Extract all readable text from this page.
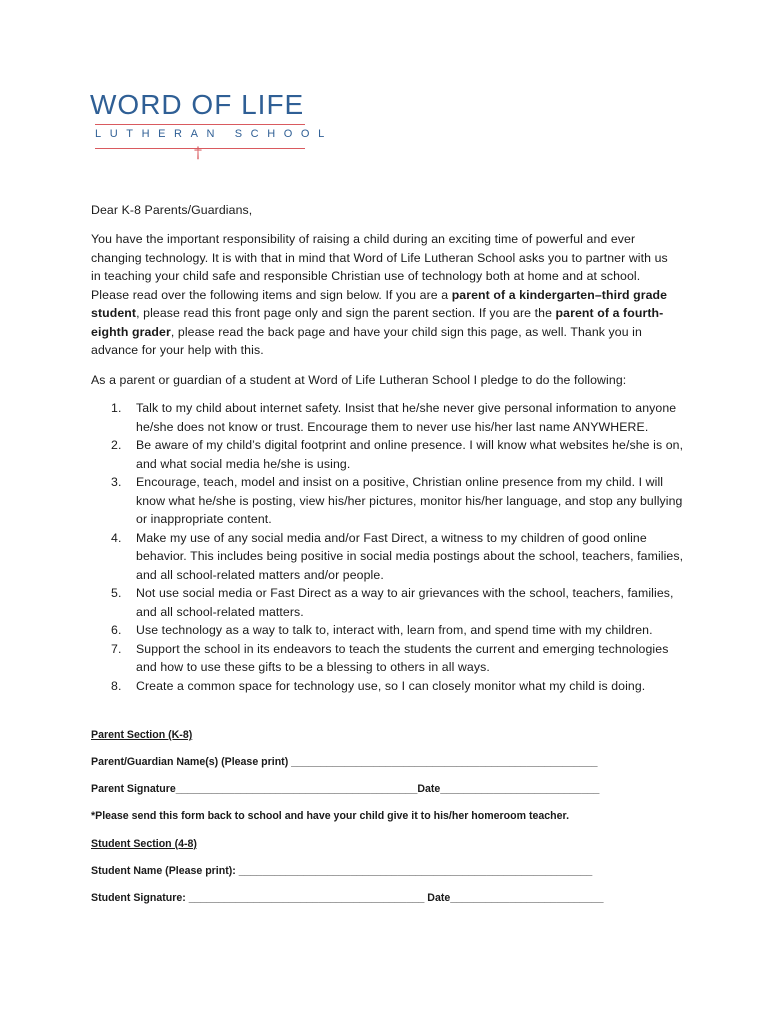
WORD OF LIFE
LUTHERAN SCHOOL
†
Dear K-8 Parents/Guardians,
You have the important responsibility of raising a child during an exciting time of powerful and ever changing technology. It is with that in mind that Word of Life Lutheran School asks you to partner with us in teaching your child safe and responsible Christian use of technology both at home and at school. Please read over the following items and sign below. If you are a parent of a kindergarten–third grade student, please read this front page only and sign the parent section. If you are the parent of a fourth-eighth grader, please read the back page and have your child sign this page, as well. Thank you in advance for your help with this.
As a parent or guardian of a student at Word of Life Lutheran School I pledge to do the following:
1. Talk to my child about internet safety. Insist that he/she never give personal information to anyone he/she does not know or trust. Encourage them to never use his/her last name ANYWHERE.
2. Be aware of my child’s digital footprint and online presence. I will know what websites he/she is on, and what social media he/she is using.
3. Encourage, teach, model and insist on a positive, Christian online presence from my child. I will know what he/she is posting, view his/her pictures, monitor his/her language, and stop any bullying or inappropriate content.
4. Make my use of any social media and/or Fast Direct, a witness to my children of good online behavior. This includes being positive in social media postings about the school, teachers, families, and all school-related matters and/or people.
5. Not use social media or Fast Direct as a way to air grievances with the school, teachers, families, and all school-related matters.
6. Use technology as a way to talk to, interact with, learn from, and spend time with my children.
7. Support the school in its endeavors to teach the students the current and emerging technologies and how to use these gifts to be a blessing to others in all ways.
8. Create a common space for technology use, so I can closely monitor what my child is doing.
Parent Section (K-8)
Parent/Guardian Name(s) (Please print) ____________________________________________________
Parent Signature_________________________________________Date___________________________
*Please send this form back to school and have your child give it to his/her homeroom teacher.
Student Section (4-8)
Student Name (Please print): ____________________________________________________________
Student Signature: ________________________________________ Date__________________________
